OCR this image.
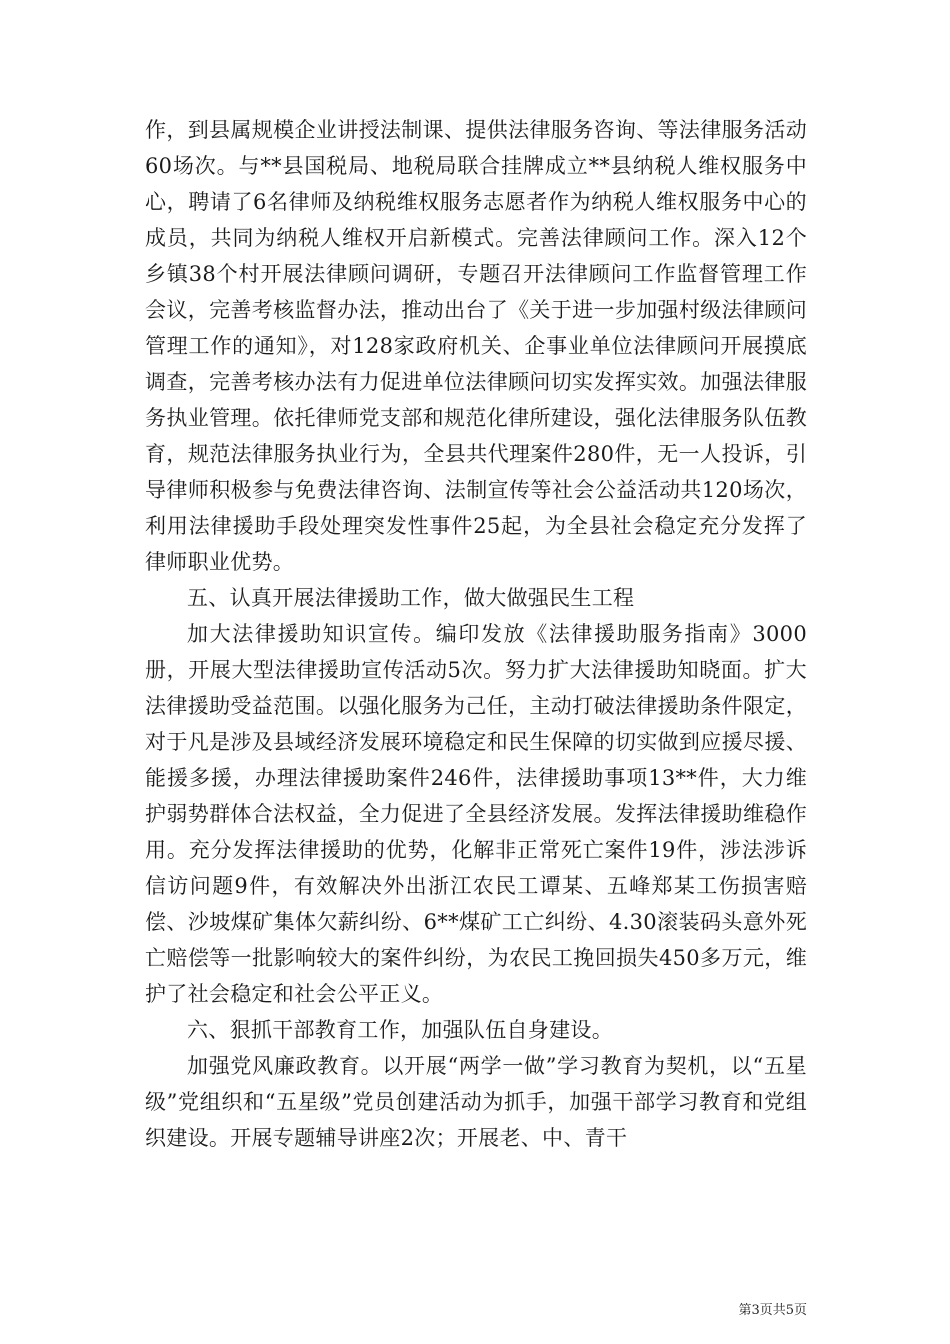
作，到县属规模企业讲授法制课、提供法律服务咨询、等法律服务活动60场次。与**县国税局、地税局联合挂牌成立**县纳税人维权服务中心，聘请了6名律师及纳税维权服务志愿者作为纳税人维权服务中心的成员，共同为纳税人维权开启新模式。完善法律顾问工作。深入12个乡镇38个村开展法律顾问调研，专题召开法律顾问工作监督管理工作会议，完善考核监督办法，推动出台了《关于进一步加强村级法律顾问管理工作的通知》，对128家政府机关、企事业单位法律顾问开展摸底调查，完善考核办法有力促进单位法律顾问切实发挥实效。加强法律服务执业管理。依托律师党支部和规范化律所建设，强化法律服务队伍教育，规范法律服务执业行为，全县共代理案件280件，无一人投诉，引导律师积极参与免费法律咨询、法制宣传等社会公益活动共120场次，利用法律援助手段处理突发性事件25起，为全县社会稳定充分发挥了律师职业优势。

五、认真开展法律援助工作，做大做强民生工程

加大法律援助知识宣传。编印发放《法律援助服务指南》3000册，开展大型法律援助宣传活动5次。努力扩大法律援助知晓面。扩大法律援助受益范围。以强化服务为己任，主动打破法律援助条件限定，对于凡是涉及县域经济发展环境稳定和民生保障的切实做到应援尽援、能援多援，办理法律援助案件246件，法律援助事项13**件，大力维护弱势群体合法权益，全力促进了全县经济发展。发挥法律援助维稳作用。充分发挥法律援助的优势，化解非正常死亡案件19件，涉法涉诉信访问题9件，有效解决外出浙江农民工谭某、五峰郑某工伤损害赔偿、沙坡煤矿集体欠薪纠纷、6**煤矿工亡纠纷、4.30滚装码头意外死亡赔偿等一批影响较大的案件纠纷，为农民工挽回损失450多万元，维护了社会稳定和社会公平正义。

六、狠抓干部教育工作，加强队伍自身建设。

加强党风廉政教育。以开展“两学一做”学习教育为契机，以“五星级”党组织和“五星级”党员创建活动为抓手，加强干部学习教育和党组织建设。开展专题辅导讲座2次；开展老、中、青干

第3页共5页
